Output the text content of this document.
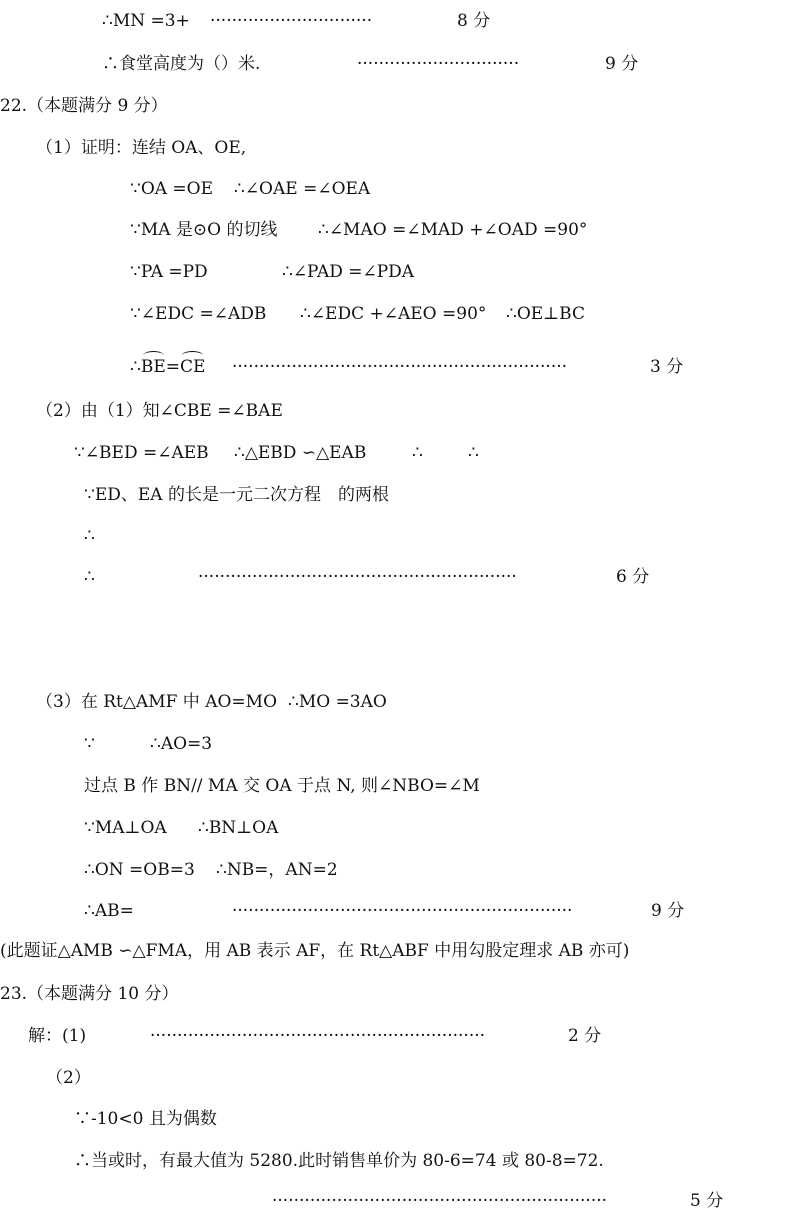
∴MN =3+ ······························	8 分
∴食堂高度为（）米.	······························	9 分
22.（本题满分 9 分）
（1）证明：连结 OA、OE,
∵OA =OE ∴∠OAE =∠OEA
∵MA 是⊙O 的切线 ∴∠MAO =∠MAD +∠OAD =90°
∵PA =PD	∴∠PAD =∠PDA
∵∠EDC =∠ADB ∴∠EDC +∠AEO =90° ∴OE⊥BC
∴BE=CE ······························································	3 分
（2）由（1）知∠CBE =∠BAE
∵∠BED =∠AEB ∴△EBD ∽△EAB	∴	∴
∵ED、EA 的长是一元二次方程　的两根
∴
∴	···························································	6 分
（3）在 Rt△AMF 中 AO=MO ∴MO =3AO
∵	∴AO=3
过点 B 作 BN// MA 交 OA 于点 N, 则∠NBO=∠M
∵MA⊥OA ∴BN⊥OA
∴ON =OB=3 ∴NB=，AN=2
∴AB=	·······························································	9 分
(此题证△AMB ∽△FMA，用 AB 表示 AF，在 Rt△ABF 中用勾股定理求 AB 亦可)
23.（本题满分 10 分）
解：(1)	······························································	2 分
（2）
∵-10<0 且为偶数
∴当或时，有最大值为 5280.此时销售单价为 80-6=74 或 80-8=72.
······························································	5 分
